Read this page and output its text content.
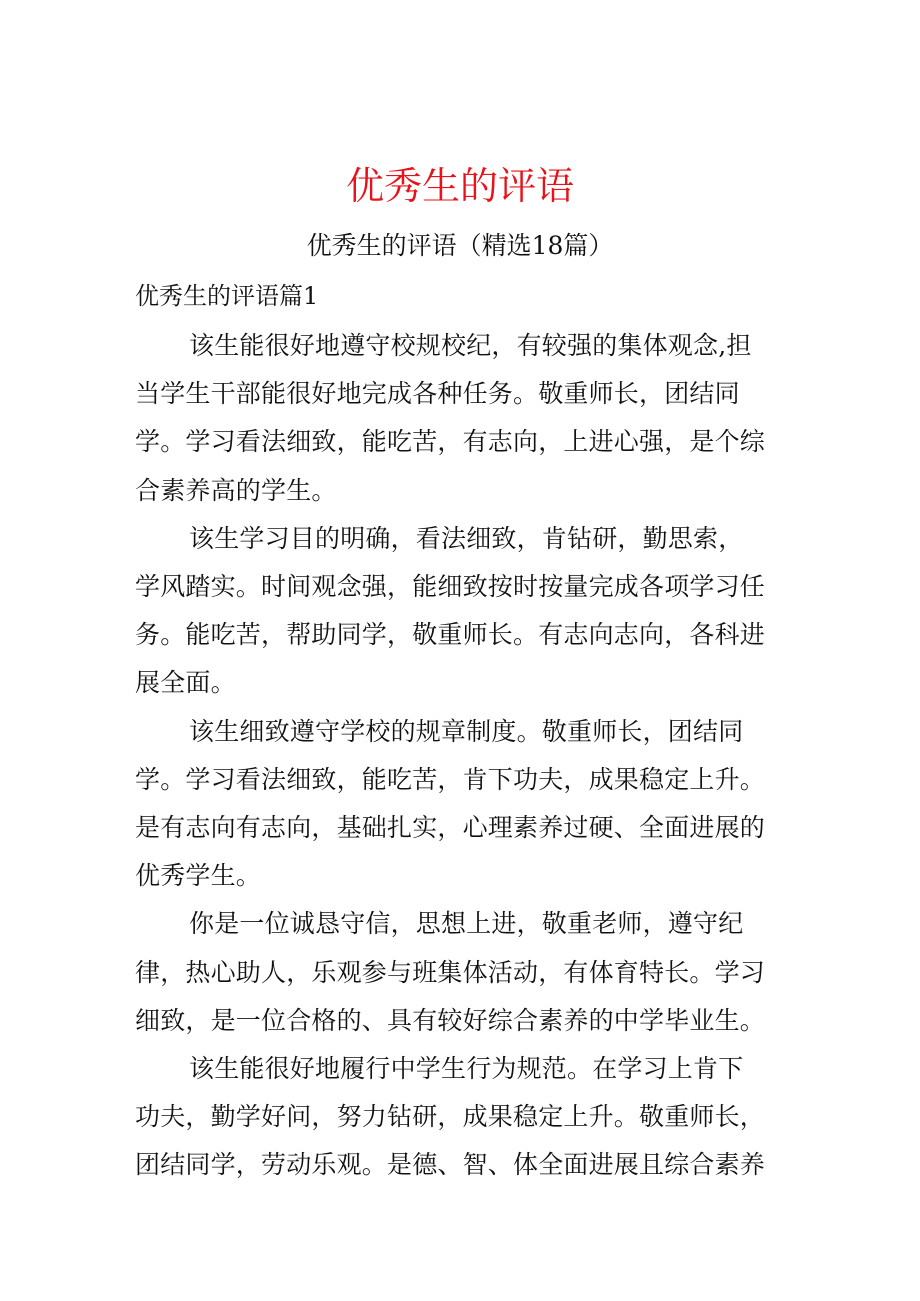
优秀生的评语
优秀生的评语（精选18篇）
优秀生的评语篇1

该生能很好地遵守校规校纪，有较强的集体观念,担
当学生干部能很好地完成各种任务。敬重师长，团结同
学。学习看法细致，能吃苦，有志向，上进心强，是个综
合素养高的学生。

该生学习目的明确，看法细致，肯钻研，勤思索，
学风踏实。时间观念强，能细致按时按量完成各项学习任
务。能吃苦，帮助同学，敬重师长。有志向志向，各科进
展全面。

该生细致遵守学校的规章制度。敬重师长，团结同
学。学习看法细致，能吃苦，肯下功夫，成果稳定上升。
是有志向有志向，基础扎实，心理素养过硬、全面进展的
优秀学生。

你是一位诚恳守信，思想上进，敬重老师，遵守纪
律，热心助人，乐观参与班集体活动，有体育特长。学习
细致，是一位合格的、具有较好综合素养的中学毕业生。

该生能很好地履行中学生行为规范。在学习上肯下
功夫，勤学好问，努力钻研，成果稳定上升。敬重师长，
团结同学，劳动乐观。是德、智、体全面进展且综合素养
